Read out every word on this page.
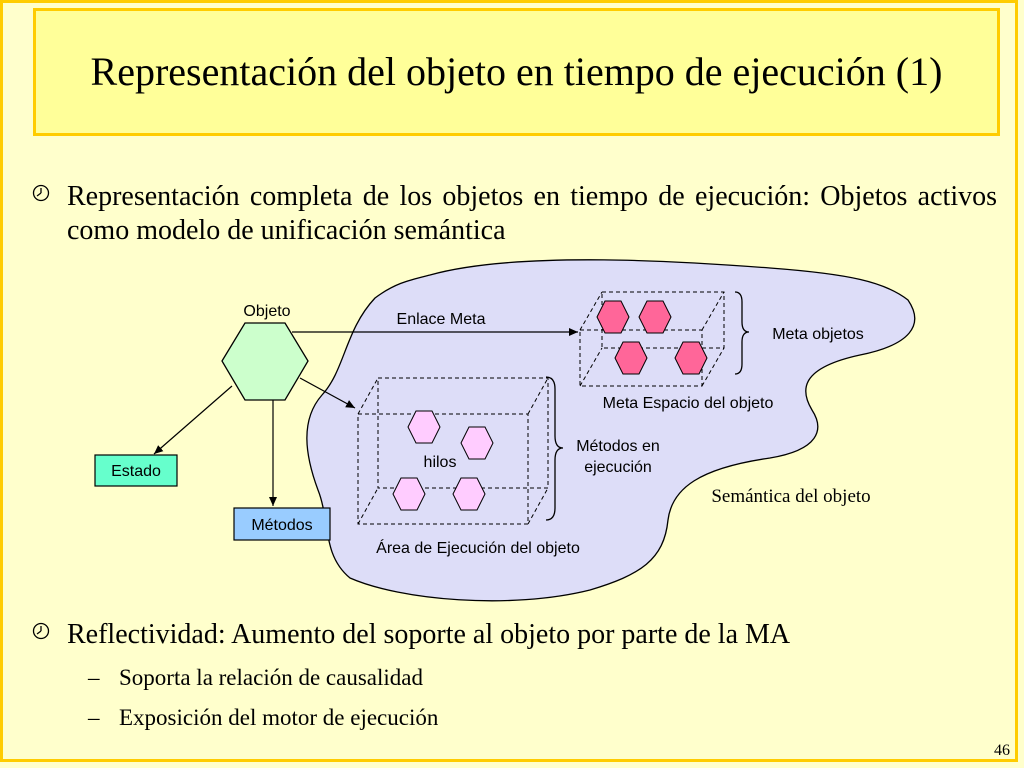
Representación del objeto en tiempo de ejecución (1)
Representación completa de los objetos en tiempo de ejecución: Objetos activos como modelo de unificación semántica
Estado
Métodos
Objeto	Enlace Meta
Meta objetos
Meta Espacio del objeto
hilos
Métodos en
ejecución
Área de Ejecución del objeto
Semántica del objeto
Reflectividad: Aumento del soporte al objeto por parte de la MA
– Soporta la relación de causalidad
– Exposición del motor de ejecución
46
